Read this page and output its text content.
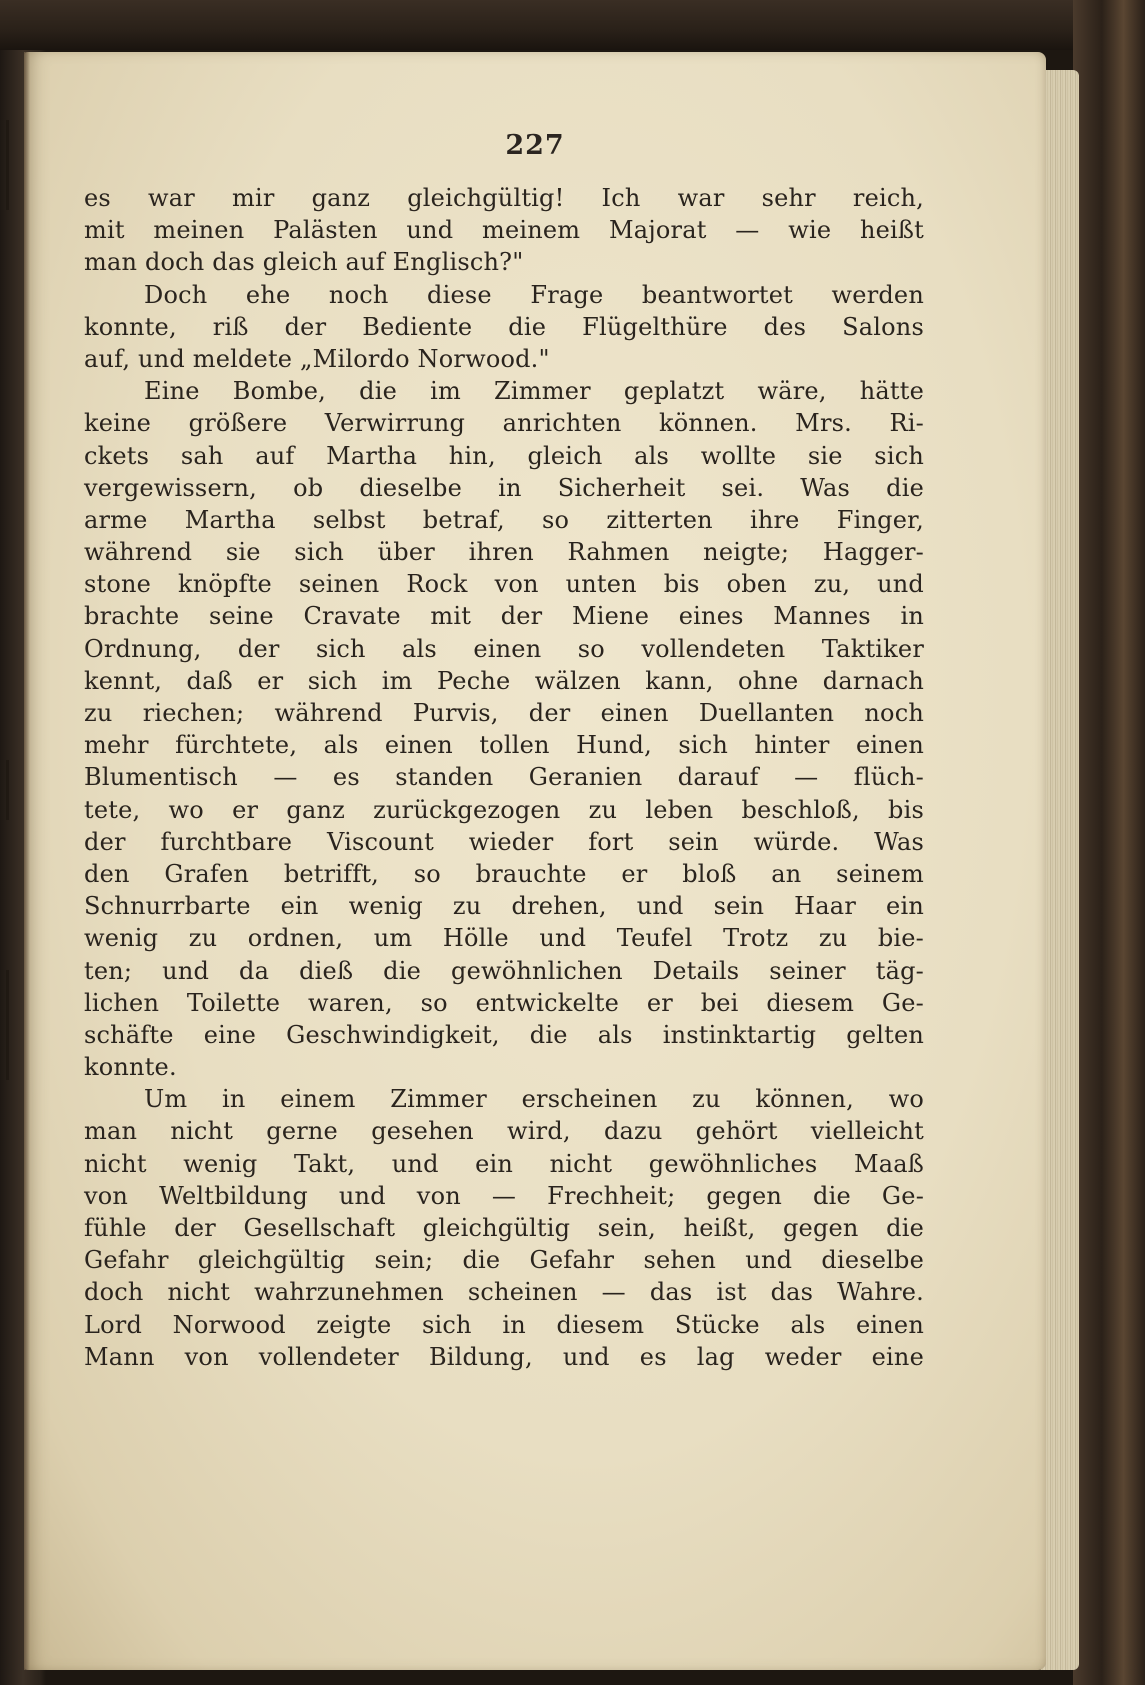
227
es war mir ganz gleichgültig! Ich war sehr reich,
mit meinen Palästen und meinem Majorat — wie heißt
man doch das gleich auf Englisch?"
Doch ehe noch diese Frage beantwortet werden
konnte, riß der Bediente die Flügelthüre des Salons
auf, und meldete „Milordo Norwood."
Eine Bombe, die im Zimmer geplatzt wäre, hätte
keine größere Verwirrung anrichten können. Mrs. Ri-
ckets sah auf Martha hin, gleich als wollte sie sich
vergewissern, ob dieselbe in Sicherheit sei. Was die
arme Martha selbst betraf, so zitterten ihre Finger,
während sie sich über ihren Rahmen neigte; Hagger-
stone knöpfte seinen Rock von unten bis oben zu, und
brachte seine Cravate mit der Miene eines Mannes in
Ordnung, der sich als einen so vollendeten Taktiker
kennt, daß er sich im Peche wälzen kann, ohne darnach
zu riechen; während Purvis, der einen Duellanten noch
mehr fürchtete, als einen tollen Hund, sich hinter einen
Blumentisch — es standen Geranien darauf — flüch-
tete, wo er ganz zurückgezogen zu leben beschloß, bis
der furchtbare Viscount wieder fort sein würde. Was
den Grafen betrifft, so brauchte er bloß an seinem
Schnurrbarte ein wenig zu drehen, und sein Haar ein
wenig zu ordnen, um Hölle und Teufel Trotz zu bie-
ten; und da dieß die gewöhnlichen Details seiner täg-
lichen Toilette waren, so entwickelte er bei diesem Ge-
schäfte eine Geschwindigkeit, die als instinktartig gelten
konnte.
Um in einem Zimmer erscheinen zu können, wo
man nicht gerne gesehen wird, dazu gehört vielleicht
nicht wenig Takt, und ein nicht gewöhnliches Maaß
von Weltbildung und von — Frechheit; gegen die Ge-
fühle der Gesellschaft gleichgültig sein, heißt, gegen die
Gefahr gleichgültig sein; die Gefahr sehen und dieselbe
doch nicht wahrzunehmen scheinen — das ist das Wahre.
Lord Norwood zeigte sich in diesem Stücke als einen
Mann von vollendeter Bildung, und es lag weder eine
